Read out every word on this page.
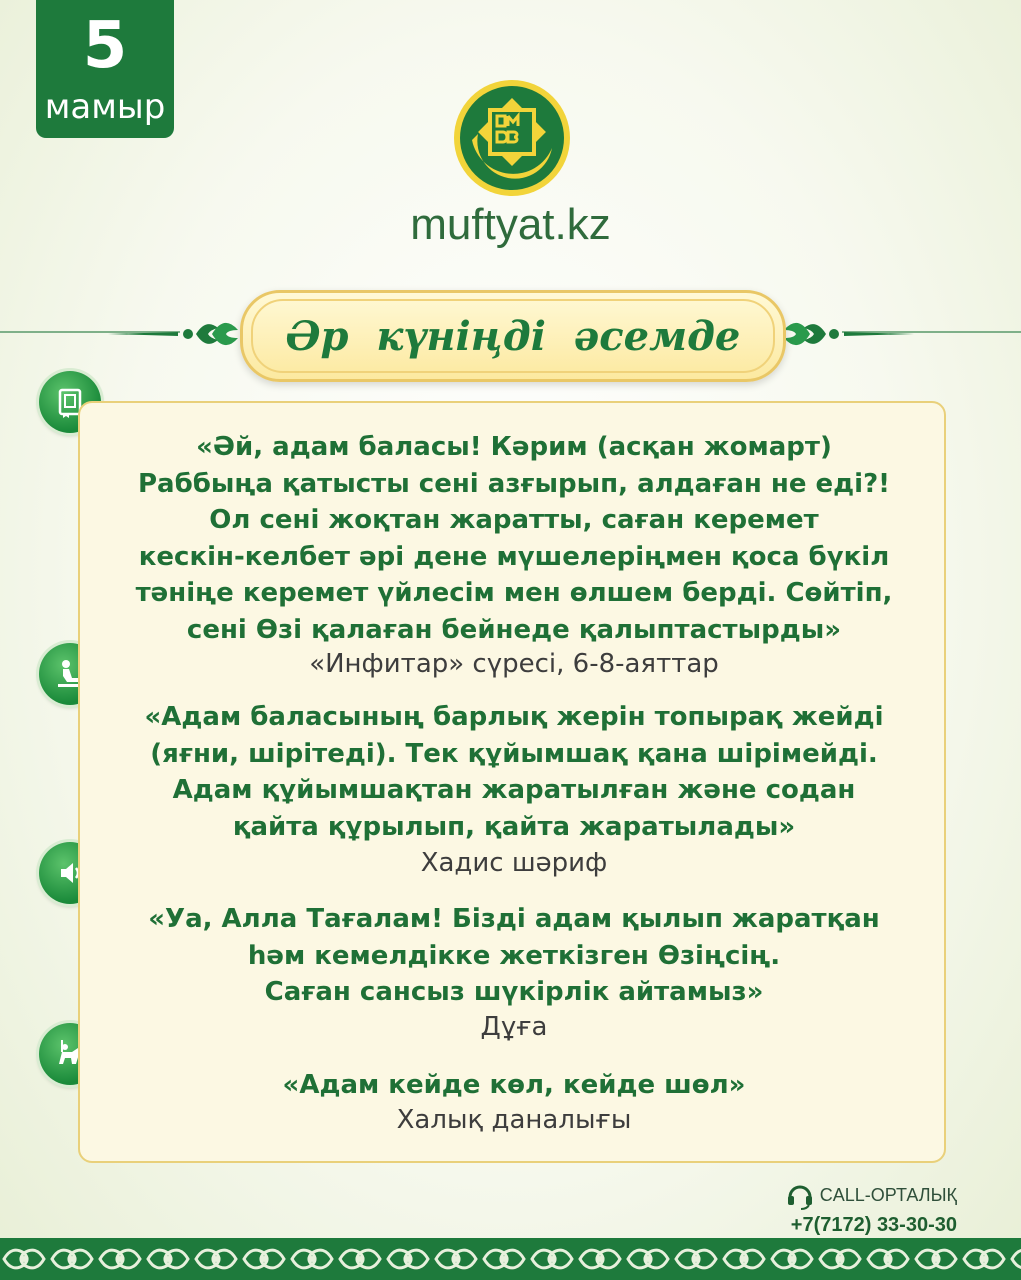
5
мамыр
muftyat.kz
Әр күніңді әсемде
«Әй, адам баласы! Кәрим (асқан жомарт)
Раббыңа қатысты сені азғырып, алдаған не еді?!
Ол сені жоқтан жаратты, саған керемет
кескін-келбет әрі дене мүшелеріңмен қоса бүкіл
тәніңе керемет үйлесім мен өлшем берді. Сөйтіп,
сені Өзі қалаған бейнеде қалыптастырды»
«Инфитар» сүресі, 6-8-аяттар
«Адам баласының барлық жерін топырақ жейді
(яғни, шірітеді). Тек құйымшақ қана шірімейді.
Адам құйымшақтан жаратылған және содан
қайта құрылып, қайта жаратылады»
Хадис шәриф
«Уа, Алла Тағалам! Бізді адам қылып жаратқан
һәм кемелдікке жеткізген Өзіңсің.
Саған сансыз шүкірлік айтамыз»
Дұға
«Адам кейде көл, кейде шөл»
Халық даналығы
CALL-ОРТАЛЫҚ
+7(7172) 33-30-30
